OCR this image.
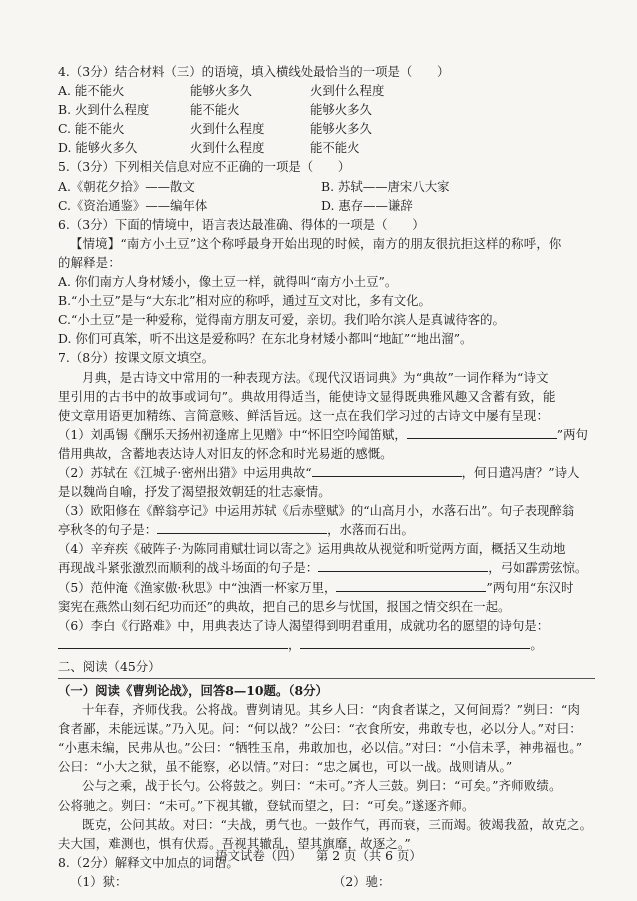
4.（3分）结合材料（三）的语境，填入横线处最恰当的一项是（　　）
A. 能不能火	能够火多久	火到什么程度
B. 火到什么程度	能不能火	能够火多久
C. 能不能火	火到什么程度	能够火多久
D. 能够火多久	火到什么程度	能不能火
5.（3分）下列相关信息对应不正确的一项是（　　）
A.《朝花夕拾》——散文	B. 苏轼——唐宋八大家
C.《资治通鉴》——编年体	D. 惠存——谦辞
6.（3分）下面的情境中，语言表达最准确、得体的一项是（　　）
【情境】“南方小土豆”这个称呼最身开始出现的时候，南方的朋友很抗拒这样的称呼，你
的解释是：
A. 你们南方人身材矮小，像土豆一样，就得叫“南方小土豆”。
B.“小土豆”是与“大东北”相对应的称呼，通过互文对比，多有文化。
C.“小土豆”是一种爱称，觉得南方朋友可爱，亲切。我们哈尔滨人是真诚待客的。
D. 你们可真笨，听不出这是爱称吗？在东北身材矮小都叫“地缸”“地出溜”。
7.（8分）按课文原文填空。
月典，是古诗文中常用的一种表现方法。《现代汉语词典》为“典故”一词作释为“诗文
里引用的古书中的故事或词句”。典故用得适当，能使诗文显得既典雅风趣又含蓄有致，能
使文章用语更加精练、言简意赅、鲜活旨远。这一点在我们学习过的古诗文中屡有呈现：
（1）刘禹锡《酬乐天扬州初逢席上见赠》中“怀旧空吟闻笛赋，	”两句
借用典故，含蓄地表达诗人对旧友的怀念和时光易逝的感慨。
（2）苏轼在《江城子·密州出猎》中运用典故“	，何日遣冯唐？”诗人
是以魏尚自喻，抒发了渴望报效朝廷的壮志豪情。
（3）欧阳修在《醉翁亭记》中运用苏轼《后赤壁赋》的“山高月小，水落石出”。句子表现醉翁
亭秋冬的句子是：	，水落而石出。
（4）辛弃疾《破阵子·为陈同甫赋壮词以寄之》运用典故从视觉和听觉两方面，概括又生动地
再现战斗紧张激烈而顺利的战斗场面的句子是：	，弓如霹雳弦惊。
（5）范仲淹《渔家傲·秋思》中“浊酒一杯家万里，	”两句用“东汉时
窦宪在燕然山刻石纪功而还”的典故，把自己的思乡与忧国，报国之情交织在一起。
（6）李白《行路难》中，用典表达了诗人渴望得到明君重用，成就功名的愿望的诗句是：
，	。
二、阅读（45分）
（一）阅读《曹刿论战》，回答8—10题。（8分）
十年春，齐师伐我。公将战。曹刿请见。其乡人曰：“肉食者谋之，又何间焉？”刿曰：“肉
食者鄙，未能远谋。”乃入见。问：“何以战？”公曰：“衣食所安，弗敢专也，必以分人。”对曰：
“小惠未编，民弗从也。”公曰：“牺牲玉帛，弗敢加也，必以信。”对曰：“小信未孚，神弗福也。”
公曰：“小大之狱，虽不能察，必以情。”对曰：“忠之属也，可以一战。战则请从。”
公与之乘，战于长勺。公将鼓之。刿曰：“未可。”齐人三鼓。刿曰：“可矣。”齐师败绩。
公将驰之。刿曰：“未可。”下视其辙，登轼而望之，曰：“可矣。”遂逐齐师。
既克，公问其故。对曰：“夫战，勇气也。一鼓作气，再而衰，三而竭。彼竭我盈，故克之。
夫大国，难测也，惧有伏焉。吾视其辙乱，望其旗靡，故逐之。”
8.（2分）解释文中加点的词语。
（1）狱：	（2）驰：
语文试卷（四） 第 2 页（共 6 页）
